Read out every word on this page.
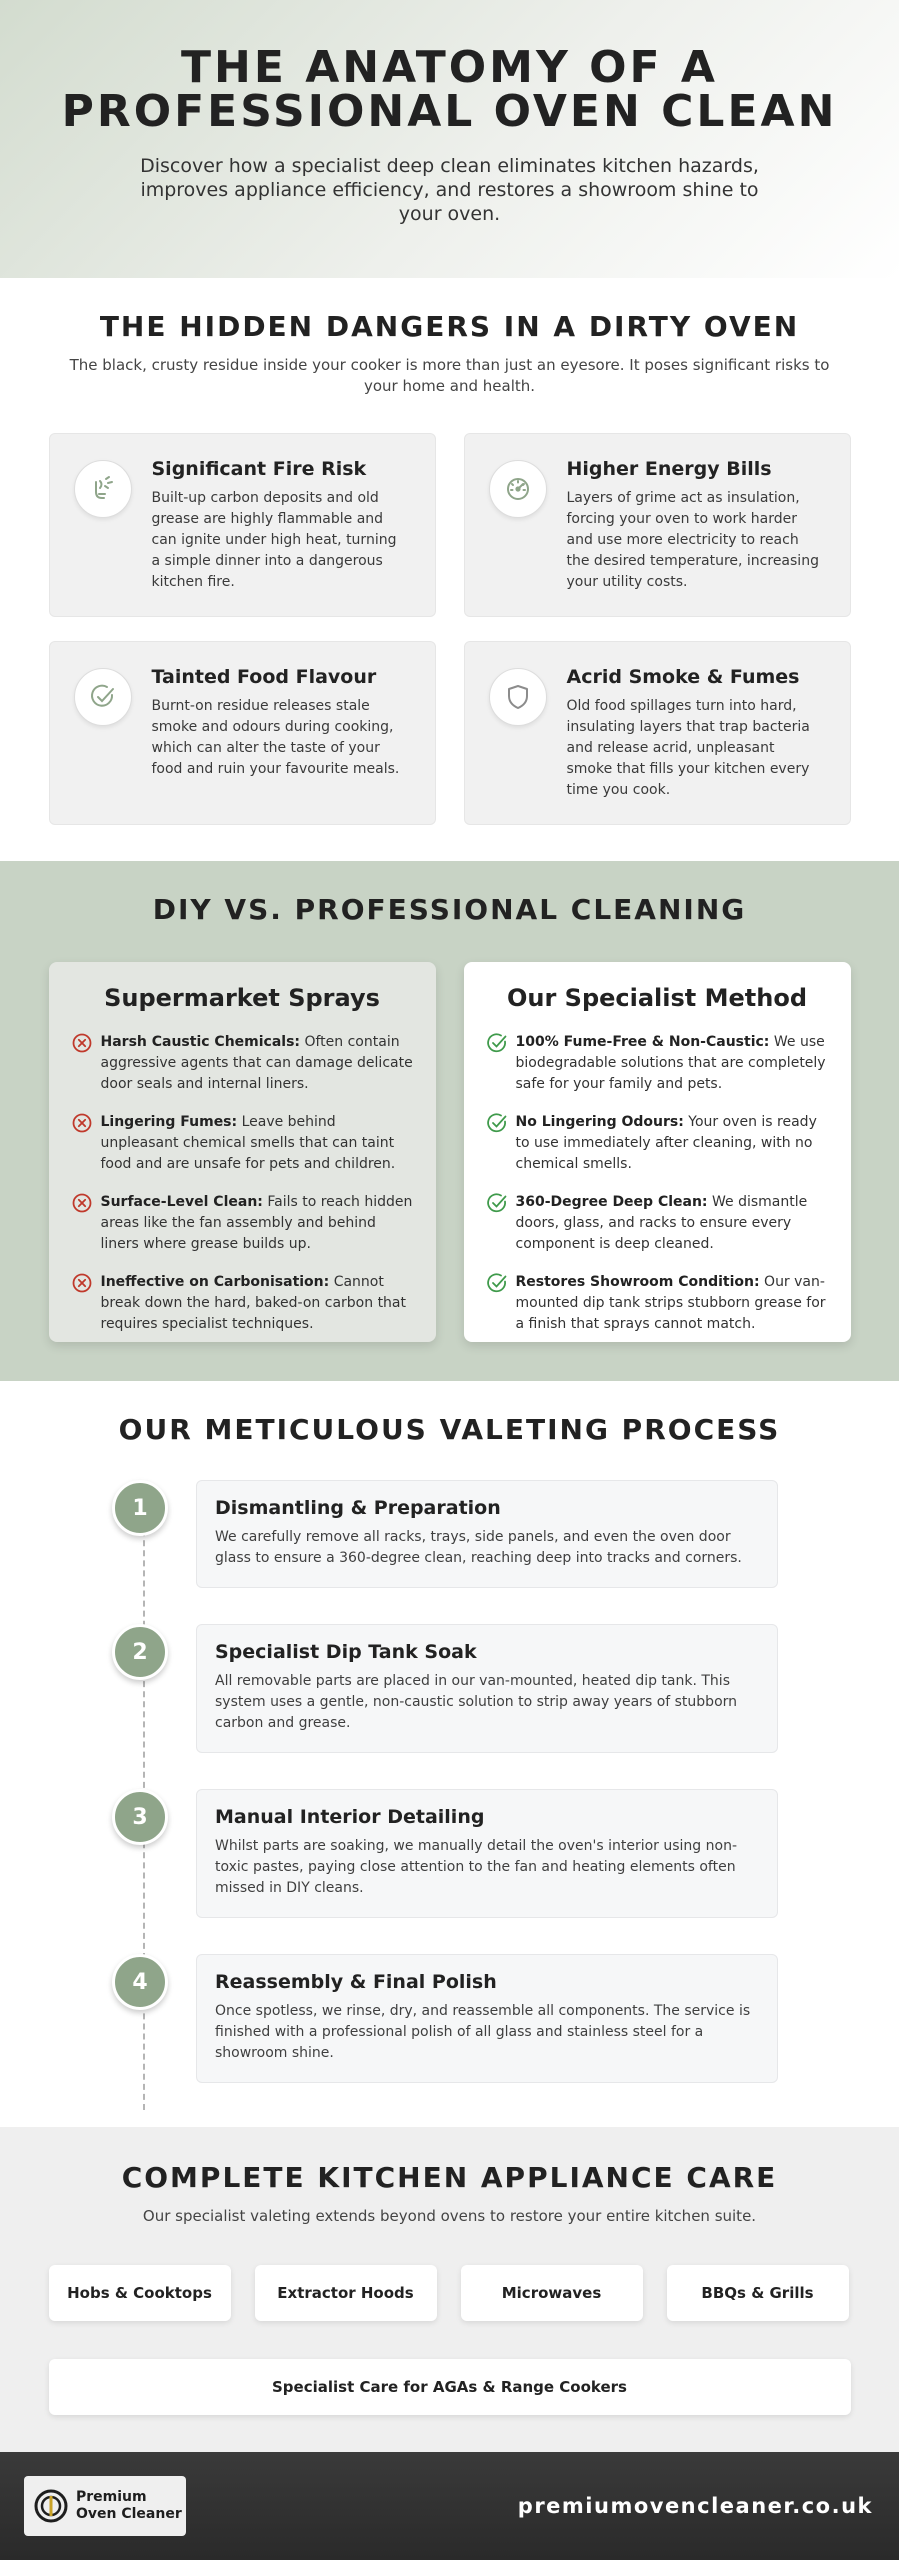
THE ANATOMY OF A PROFESSIONAL OVEN CLEAN

Discover how a specialist deep clean eliminates kitchen hazards, improves appliance efficiency, and restores a showroom shine to your oven.

THE HIDDEN DANGERS IN A DIRTY OVEN

The black, crusty residue inside your cooker is more than just an eyesore. It poses significant risks to your home and health.

Significant Fire Risk

Built-up carbon deposits and old grease are highly flammable and can ignite under high heat, turning a simple dinner into a dangerous kitchen fire.

Higher Energy Bills

Layers of grime act as insulation, forcing your oven to work harder and use more electricity to reach the desired temperature, increasing your utility costs.

Tainted Food Flavour

Burnt-on residue releases stale smoke and odours during cooking, which can alter the taste of your food and ruin your favourite meals.

Acrid Smoke & Fumes

Old food spillages turn into hard, insulating layers that trap bacteria and release acrid, unpleasant smoke that fills your kitchen every time you cook.

DIY VS. PROFESSIONAL CLEANING
Supermarket Sprays
Harsh Caustic Chemicals: Often contain aggressive agents that can damage delicate door seals and internal liners.
Lingering Fumes: Leave behind unpleasant chemical smells that can taint food and are unsafe for pets and children.
Surface-Level Clean: Fails to reach hidden areas like the fan assembly and behind liners where grease builds up.
Ineffective on Carbonisation: Cannot break down the hard, baked-on carbon that requires specialist techniques.
Our Specialist Method
100% Fume-Free & Non-Caustic: We use biodegradable solutions that are completely safe for your family and pets.
No Lingering Odours: Your oven is ready to use immediately after cleaning, with no chemical smells.
360-Degree Deep Clean: We dismantle doors, glass, and racks to ensure every component is deep cleaned.
Restores Showroom Condition: Our van-mounted dip tank strips stubborn grease for a finish that sprays cannot match.
OUR METICULOUS VALETING PROCESS
1	Dismantling & Preparation

We carefully remove all racks, trays, side panels, and even the oven door glass to ensure a 360-degree clean, reaching deep into tracks and corners.

2	Specialist Dip Tank Soak

All removable parts are placed in our van-mounted, heated dip tank. This system uses a gentle, non-caustic solution to strip away years of stubborn carbon and grease.

3	Manual Interior Detailing

Whilst parts are soaking, we manually detail the oven's interior using non-toxic pastes, paying close attention to the fan and heating elements often missed in DIY cleans.

4	Reassembly & Final Polish

Once spotless, we rinse, dry, and reassemble all components. The service is finished with a professional polish of all glass and stainless steel for a showroom shine.

COMPLETE KITCHEN APPLIANCE CARE

Our specialist valeting extends beyond ovens to restore your entire kitchen suite.

Hobs & Cooktops	Extractor Hoods	Microwaves	BBQs & Grills
Specialist Care for AGAs & Range Cookers
Premium
Oven Cleaner	premiumovencleaner.co.uk
